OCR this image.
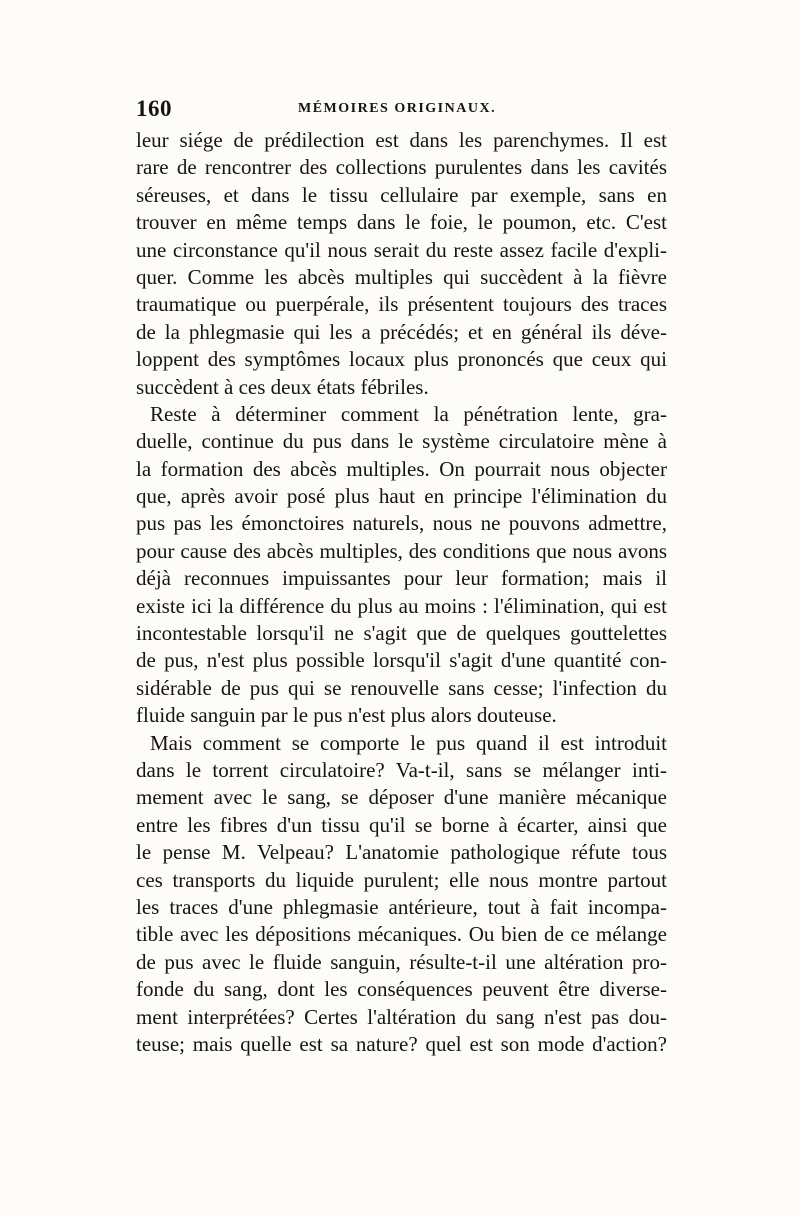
160	MÉMOIRES ORIGINAUX.
leur siége de prédilection est dans les parenchymes. Il est
rare de rencontrer des collections purulentes dans les cavités
séreuses, et dans le tissu cellulaire par exemple, sans en
trouver en même temps dans le foie, le poumon, etc. C'est
une circonstance qu'il nous serait du reste assez facile d'expli-
quer. Comme les abcès multiples qui succèdent à la fièvre
traumatique ou puerpérale, ils présentent toujours des traces
de la phlegmasie qui les a précédés; et en général ils déve-
loppent des symptômes locaux plus prononcés que ceux qui
succèdent à ces deux états fébriles.
Reste à déterminer comment la pénétration lente, gra-
duelle, continue du pus dans le système circulatoire mène à
la formation des abcès multiples. On pourrait nous objecter
que, après avoir posé plus haut en principe l'élimination du
pus pas les émonctoires naturels, nous ne pouvons admettre,
pour cause des abcès multiples, des conditions que nous avons
déjà reconnues impuissantes pour leur formation; mais il
existe ici la différence du plus au moins : l'élimination, qui est
incontestable lorsqu'il ne s'agit que de quelques gouttelettes
de pus, n'est plus possible lorsqu'il s'agit d'une quantité con-
sidérable de pus qui se renouvelle sans cesse; l'infection du
fluide sanguin par le pus n'est plus alors douteuse.
Mais comment se comporte le pus quand il est introduit
dans le torrent circulatoire? Va-t-il, sans se mélanger inti-
mement avec le sang, se déposer d'une manière mécanique
entre les fibres d'un tissu qu'il se borne à écarter, ainsi que
le pense M. Velpeau? L'anatomie pathologique réfute tous
ces transports du liquide purulent; elle nous montre partout
les traces d'une phlegmasie antérieure, tout à fait incompa-
tible avec les dépositions mécaniques. Ou bien de ce mélange
de pus avec le fluide sanguin, résulte-t-il une altération pro-
fonde du sang, dont les conséquences peuvent être diverse-
ment interprétées? Certes l'altération du sang n'est pas dou-
teuse; mais quelle est sa nature? quel est son mode d'action?
